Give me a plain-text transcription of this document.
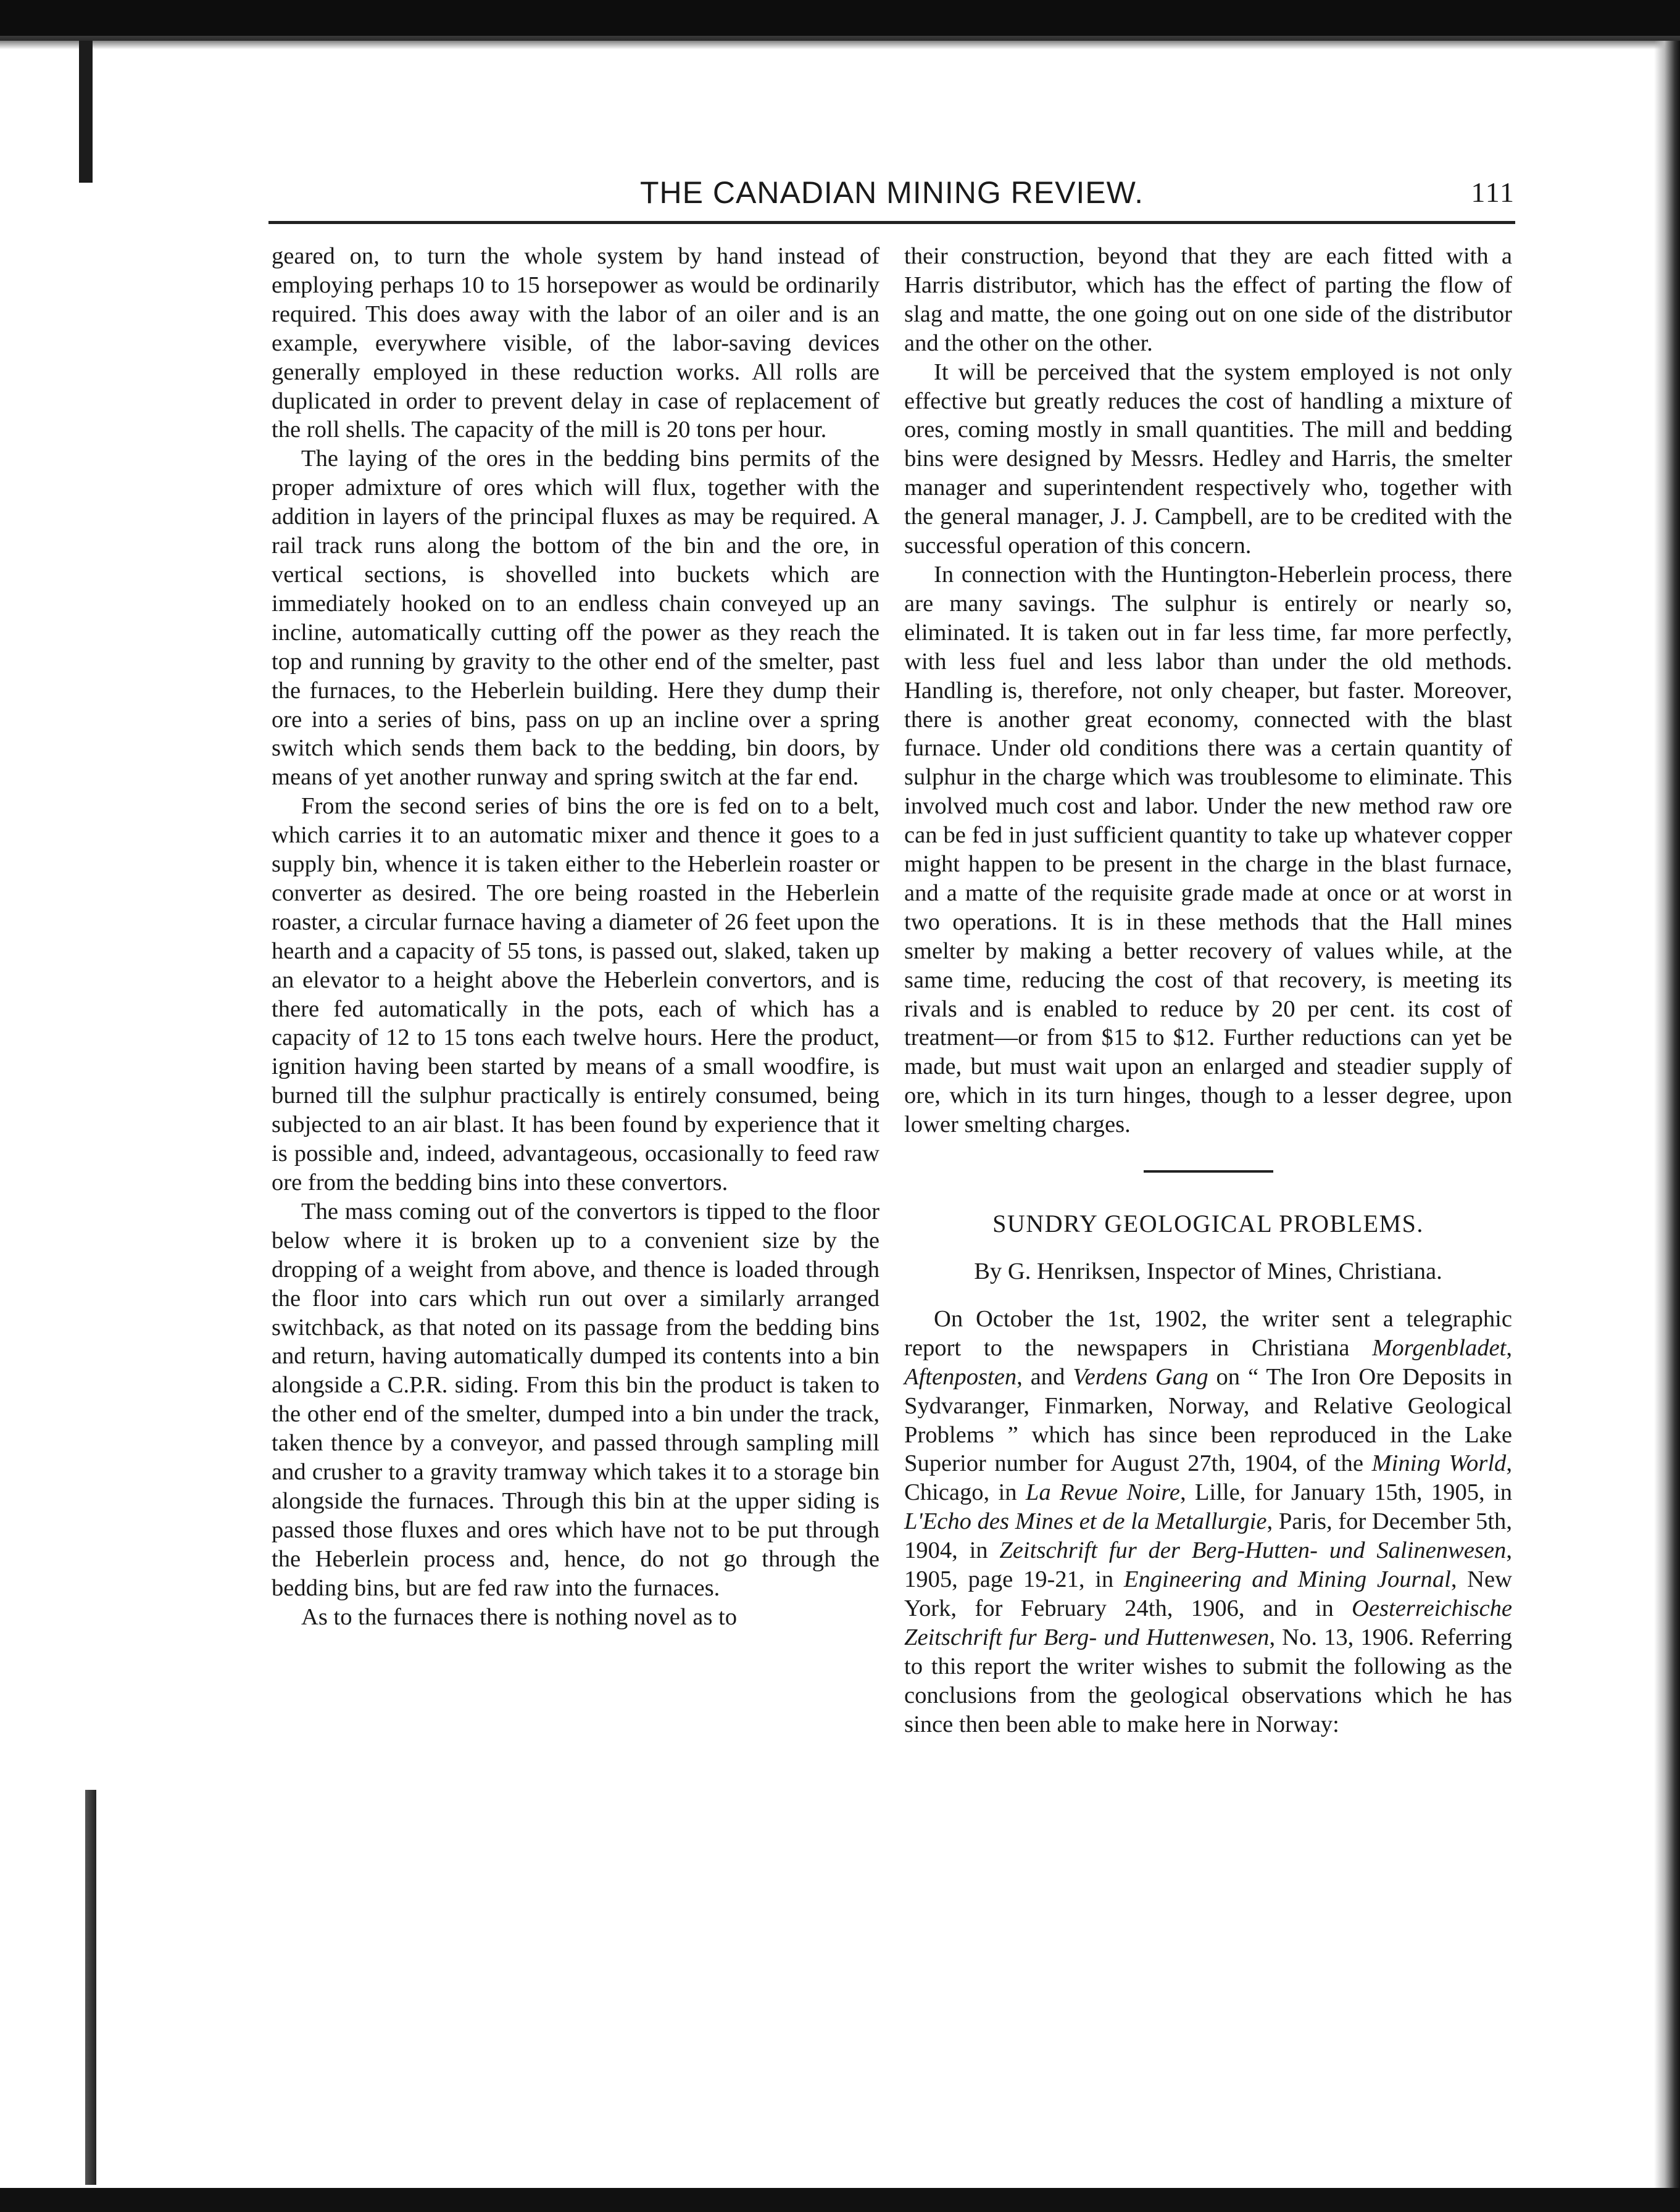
THE CANADIAN MINING REVIEW.	111

geared on, to turn the whole system by hand instead of employing perhaps 10 to 15 horsepower as would be ordinarily required. This does away with the labor of an oiler and is an example, everywhere visible, of the labor-saving devices generally employed in these reduction works. All rolls are duplicated in order to prevent delay in case of replacement of the roll shells. The capacity of the mill is 20 tons per hour.

The laying of the ores in the bedding bins permits of the proper admixture of ores which will flux, together with the addition in layers of the principal fluxes as may be required. A rail track runs along the bottom of the bin and the ore, in vertical sections, is shovelled into buckets which are immediately hooked on to an endless chain conveyed up an incline, automatically cutting off the power as they reach the top and running by gravity to the other end of the smelter, past the furnaces, to the Heberlein building. Here they dump their ore into a series of bins, pass on up an incline over a spring switch which sends them back to the bedding, bin doors, by means of yet another runway and spring switch at the far end.

From the second series of bins the ore is fed on to a belt, which carries it to an automatic mixer and thence it goes to a supply bin, whence it is taken either to the Heberlein roaster or converter as desired. The ore being roasted in the Heberlein roaster, a circular furnace having a diameter of 26 feet upon the hearth and a capacity of 55 tons, is passed out, slaked, taken up an elevator to a height above the Heberlein convertors, and is there fed automatically in the pots, each of which has a capacity of 12 to 15 tons each twelve hours. Here the product, ignition having been started by means of a small woodfire, is burned till the sulphur practically is entirely consumed, being subjected to an air blast. It has been found by experience that it is possible and, indeed, advantageous, occasionally to feed raw ore from the bedding bins into these convertors.

The mass coming out of the convertors is tipped to the floor below where it is broken up to a convenient size by the dropping of a weight from above, and thence is loaded through the floor into cars which run out over a similarly arranged switchback, as that noted on its passage from the bedding bins and return, having automatically dumped its contents into a bin alongside a C.P.R. siding. From this bin the product is taken to the other end of the smelter, dumped into a bin under the track, taken thence by a conveyor, and passed through sampling mill and crusher to a gravity tramway which takes it to a storage bin alongside the furnaces. Through this bin at the upper siding is passed those fluxes and ores which have not to be put through the Heberlein process and, hence, do not go through the bedding bins, but are fed raw into the furnaces.

As to the furnaces there is nothing novel as to

their construction, beyond that they are each fitted with a Harris distributor, which has the effect of parting the flow of slag and matte, the one going out on one side of the distributor and the other on the other.

It will be perceived that the system employed is not only effective but greatly reduces the cost of handling a mixture of ores, coming mostly in small quantities. The mill and bedding bins were designed by Messrs. Hedley and Harris, the smelter manager and superintendent respectively who, together with the general manager, J. J. Campbell, are to be credited with the successful operation of this concern.

In connection with the Huntington-Heberlein process, there are many savings. The sulphur is entirely or nearly so, eliminated. It is taken out in far less time, far more perfectly, with less fuel and less labor than under the old methods. Handling is, therefore, not only cheaper, but faster. Moreover, there is another great economy, connected with the blast furnace. Under old conditions there was a certain quantity of sulphur in the charge which was troublesome to eliminate. This involved much cost and labor. Under the new method raw ore can be fed in just sufficient quantity to take up whatever copper might happen to be present in the charge in the blast furnace, and a matte of the requisite grade made at once or at worst in two operations. It is in these methods that the Hall mines smelter by making a better recovery of values while, at the same time, reducing the cost of that recovery, is meeting its rivals and is enabled to reduce by 20 per cent. its cost of treatment—or from $15 to $12. Further reductions can yet be made, but must wait upon an enlarged and steadier supply of ore, which in its turn hinges, though to a lesser degree, upon lower smelting charges.

SUNDRY GEOLOGICAL PROBLEMS.

By G. Henriksen, Inspector of Mines, Christiana.

On October the 1st, 1902, the writer sent a telegraphic report to the newspapers in Christiana Morgenbladet, Aftenposten, and Verdens Gang on “ The Iron Ore Deposits in Sydvaranger, Finmarken, Norway, and Relative Geological Problems ” which has since been reproduced in the Lake Superior number for August 27th, 1904, of the Mining World, Chicago, in La Revue Noire, Lille, for January 15th, 1905, in L'Echo des Mines et de la Metallurgie, Paris, for December 5th, 1904, in Zeitschrift fur der Berg-Hutten- und Salinenwesen, 1905, page 19-21, in Engineering and Mining Journal, New York, for February 24th, 1906, and in Oesterreichische Zeitschrift fur Berg- und Huttenwesen, No. 13, 1906. Referring to this report the writer wishes to submit the following as the conclusions from the geological observations which he has since then been able to make here in Norway:
